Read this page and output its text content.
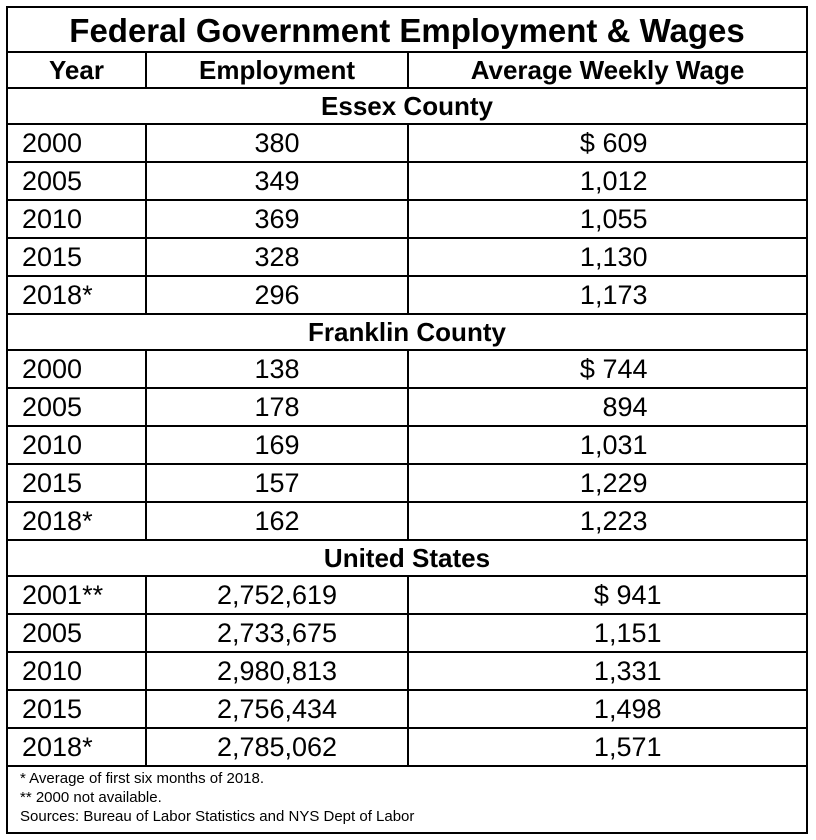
Federal Government Employment & Wages
Year	Employment	Average Weekly Wage
Essex County
2000	380	$ 609
2005	349	1,012
2010	369	1,055
2015	328	1,130
2018*	296	1,173
Franklin County
2000	138	$ 744
2005	178	894
2010	169	1,031
2015	157	1,229
2018*	162	1,223
United States
2001**	2,752,619	$ 941
2005	2,733,675	1,151
2010	2,980,813	1,331
2015	2,756,434	1,498
2018*	2,785,062	1,571
* Average of first six months of 2018.
** 2000 not available.
Sources: Bureau of Labor Statistics and NYS Dept of Labor
